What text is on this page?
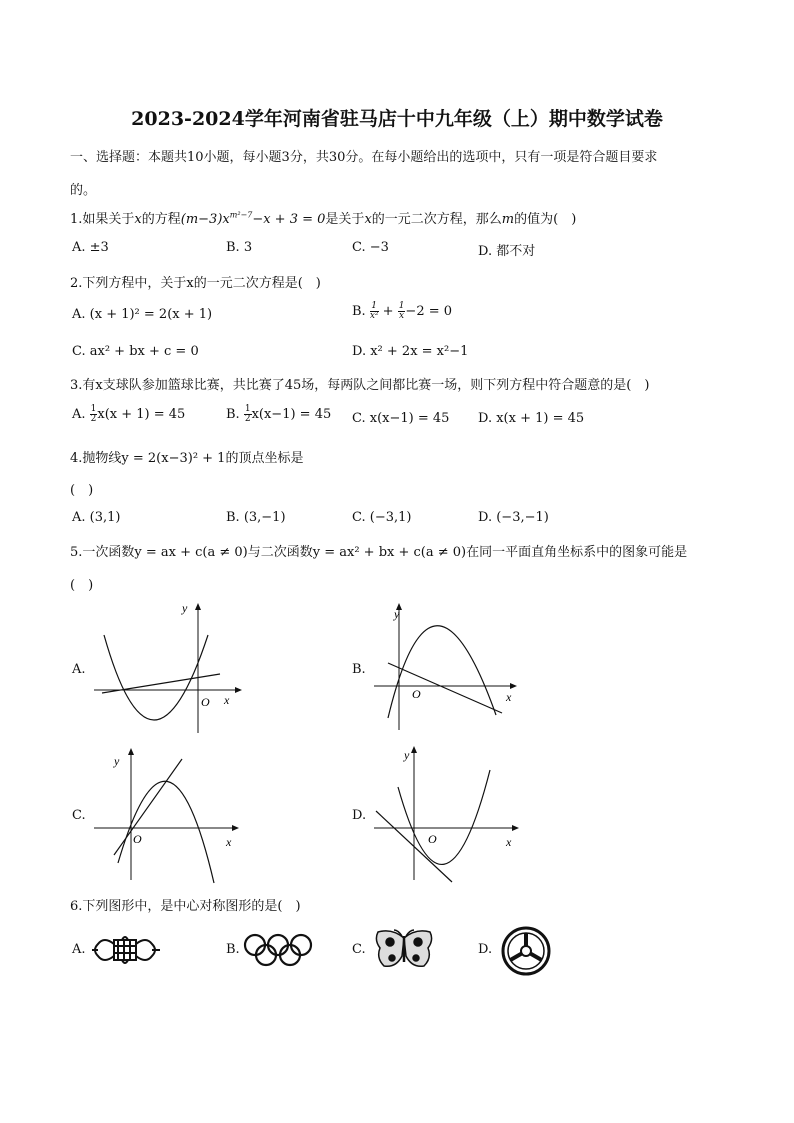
2023-2024学年河南省驻马店十中九年级（上）期中数学试卷
一、选择题：本题共10小题，每小题3分，共30分。在每小题给出的选项中，只有一项是符合题目要求
的。
1.如果关于x的方程$(m-3)x^{m^2-7}-x + 3 = 0$是关于x的一元二次方程，那么m的值为(　)
A. ±3	B. 3	C. −3	D. 都不对
2.下列方程中，关于x的一元二次方程是(　)
A. (x + 1)² = 2(x + 1)	B. $\frac{1}{\text{x²}} + \frac{1}{x} -2 = 0$
C. ax² + bx + c = 0	D. x² + 2x = x²−1
3.有x支球队参加篮球比赛，共比赛了45场，每两队之间都比赛一场，则下列方程中符合题意的是(　)
A. $\frac{1}{2} x(x + 1) = 45$	B. $\frac{1}{2} x(x-1) = 45$ C. x(x−1) = 45 D. x(x + 1) = 45
4.抛物线y = 2(x−3)² + 1的顶点坐标是
(　)
A. (3,1)	B. (3,−1)	C. (−3,1)	D. (−3,−1)
5.一次函数y = ax + c(a ≠ 0)与二次函数y = ax² + bx + c(a ≠ 0)在同一平面直角坐标系中的图象可能是
(　)
A.	B.
C.	D.
y
x
O
y
x
O
y
x
O
y
x
O
6.下列图形中，是中心对称图形的是(　)
A.	B.	C.	D.
